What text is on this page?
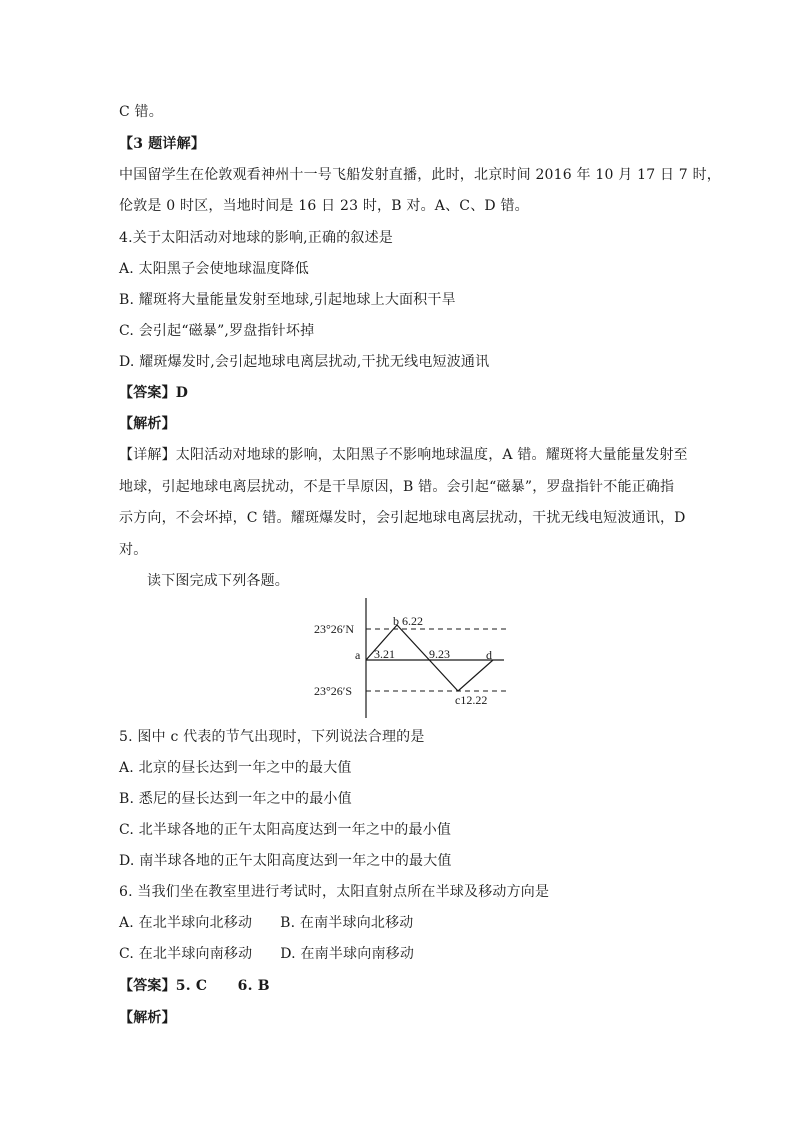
C 错。
【3 题详解】
中国留学生在伦敦观看神州十一号飞船发射直播，此时，北京时间 2016 年 10 月 17 日 7 时，
伦敦是 0 时区，当地时间是 16 日 23 时，B 对。A、C、D 错。
4.关于太阳活动对地球的影响,正确的叙述是
A. 太阳黑子会使地球温度降低
B. 耀斑将大量能量发射至地球,引起地球上大面积干旱
C. 会引起“磁暴”,罗盘指针坏掉
D. 耀斑爆发时,会引起地球电离层扰动,干扰无线电短波通讯
【答案】D
【解析】
【详解】太阳活动对地球的影响，太阳黑子不影响地球温度，A 错。耀斑将大量能量发射至
地球，引起地球电离层扰动，不是干旱原因，B 错。会引起“磁暴”，罗盘指针不能正确指
示方向，不会坏掉，C 错。耀斑爆发时，会引起地球电离层扰动，干扰无线电短波通讯，D
对。
读下图完成下列各题。
23°26′N
23°26′S
a
b 6.22
3.21	9.23	d
c12.22
5. 图中 c 代表的节气出现时，下列说法合理的是
A. 北京的昼长达到一年之中的最大值
B. 悉尼的昼长达到一年之中的最小值
C. 北半球各地的正午太阳高度达到一年之中的最小值
D. 南半球各地的正午太阳高度达到一年之中的最大值
6. 当我们坐在教室里进行考试时，太阳直射点所在半球及移动方向是
A. 在北半球向北移动      B. 在南半球向北移动
C. 在北半球向南移动      D. 在南半球向南移动
【答案】5. C      6. B
【解析】
